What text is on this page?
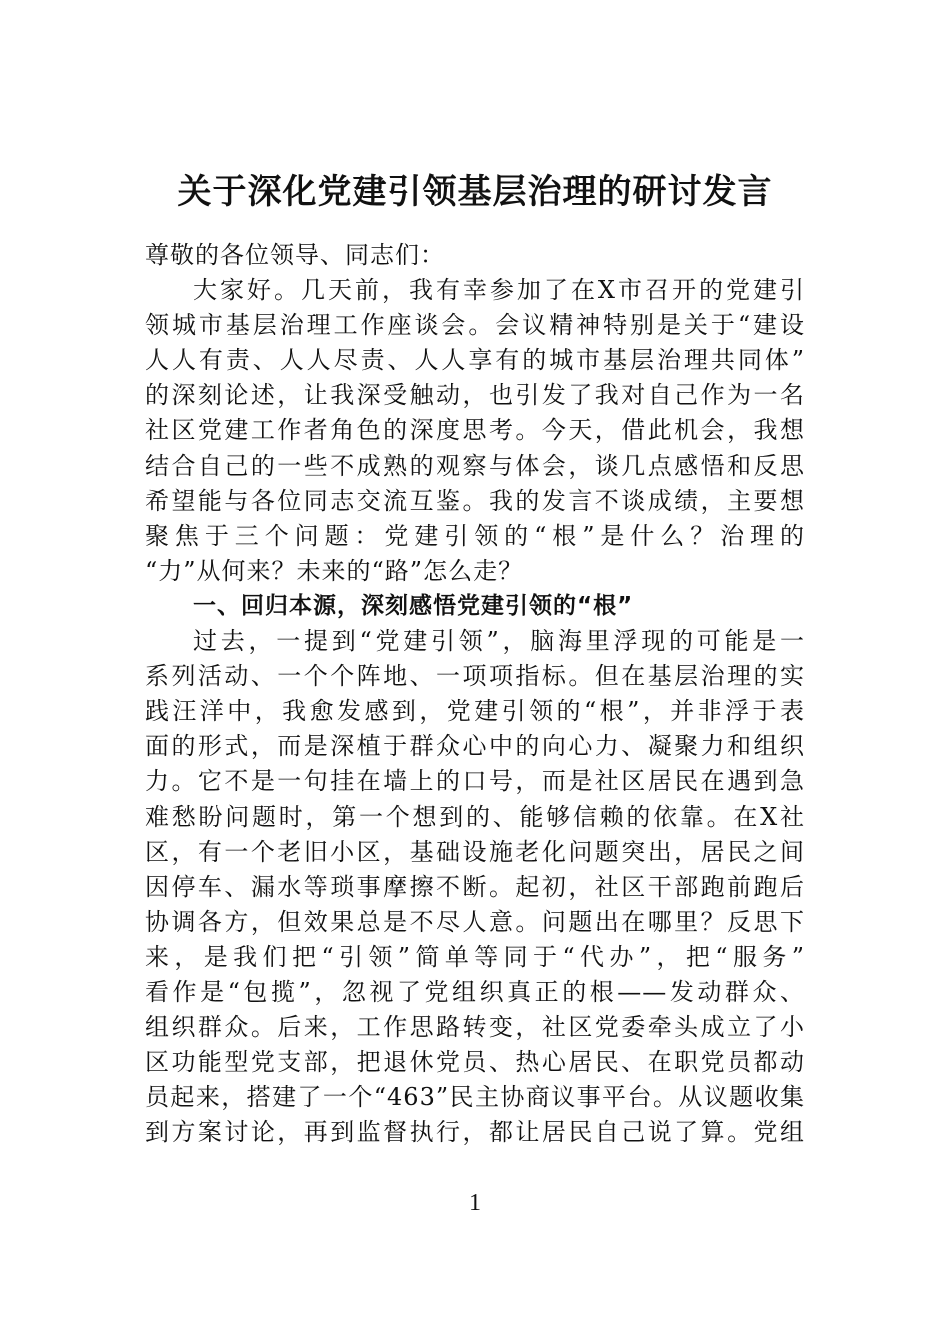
关于深化党建引领基层治理的研讨发言
尊敬的各位领导、同志们：
大家好。几天前，我有幸参加了在X市召开的党建引
领城市基层治理工作座谈会。会议精神特别是关于“建设
人人有责、人人尽责、人人享有的城市基层治理共同体”
的深刻论述，让我深受触动，也引发了我对自己作为一名
社区党建工作者角色的深度思考。今天，借此机会，我想
结合自己的一些不成熟的观察与体会，谈几点感悟和反思
希望能与各位同志交流互鉴。我的发言不谈成绩，主要想
聚焦于三个问题：党建引领的“根”是什么？治理的
“力”从何来？未来的“路”怎么走？
一、回归本源，深刻感悟党建引领的“根”
过去，一提到“党建引领”，脑海里浮现的可能是一
系列活动、一个个阵地、一项项指标。但在基层治理的实
践汪洋中，我愈发感到，党建引领的“根”，并非浮于表
面的形式，而是深植于群众心中的向心力、凝聚力和组织
力。它不是一句挂在墙上的口号，而是社区居民在遇到急
难愁盼问题时，第一个想到的、能够信赖的依靠。在X社
区，有一个老旧小区，基础设施老化问题突出，居民之间
因停车、漏水等琐事摩擦不断。起初，社区干部跑前跑后
协调各方，但效果总是不尽人意。问题出在哪里？反思下
来，是我们把“引领”简单等同于“代办”，把“服务”
看作是“包揽”，忽视了党组织真正的根——发动群众、
组织群众。后来，工作思路转变，社区党委牵头成立了小
区功能型党支部，把退休党员、热心居民、在职党员都动
员起来，搭建了一个“463”民主协商议事平台。从议题收集
到方案讨论，再到监督执行，都让居民自己说了算。党组
1
